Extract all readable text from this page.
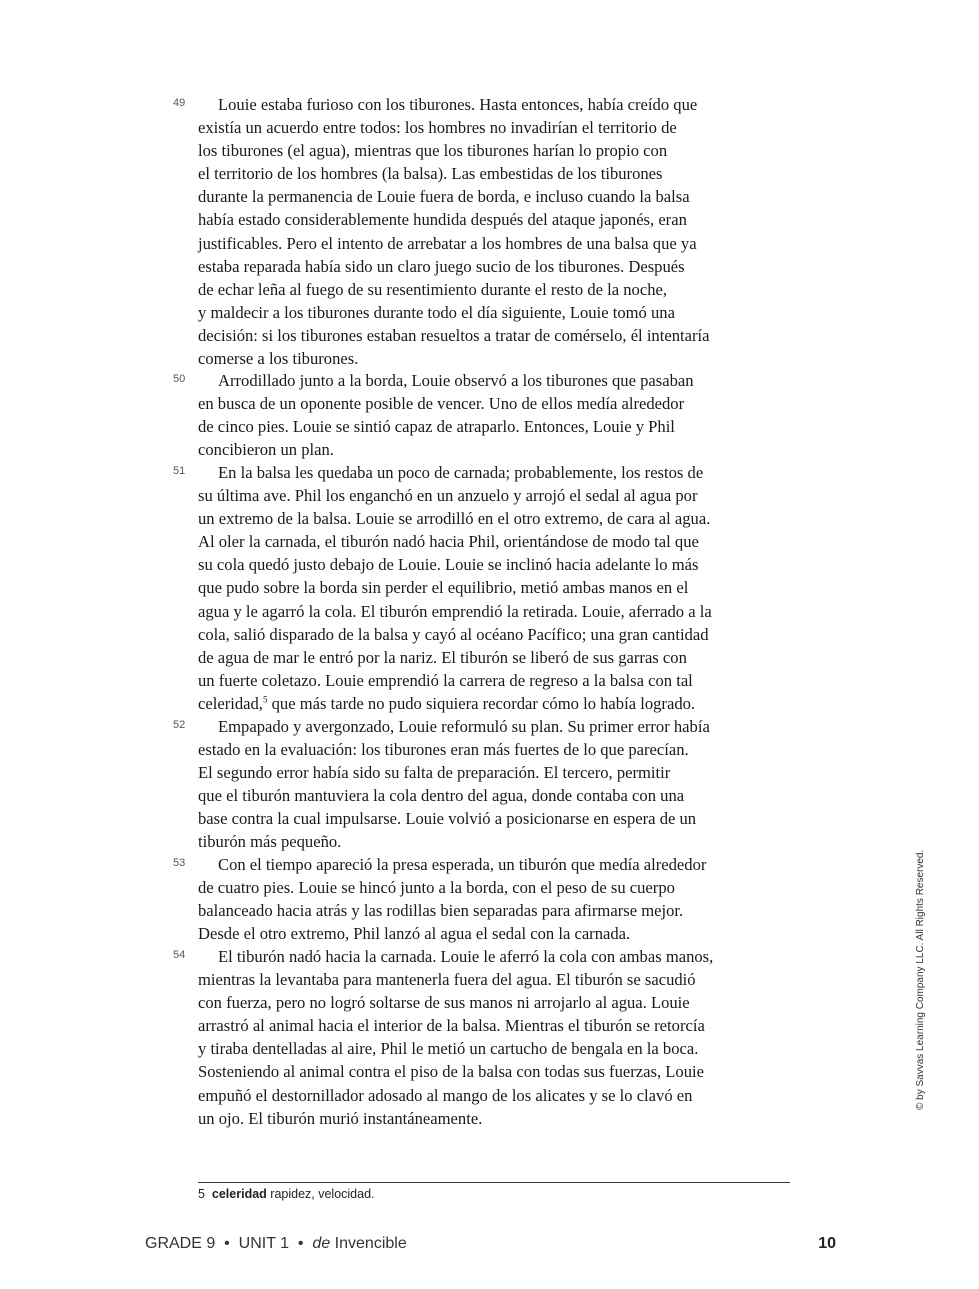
49	Louie estaba furioso con los tiburones. Hasta entonces, había creído que
existía un acuerdo entre todos: los hombres no invadirían el territorio de
los tiburones (el agua), mientras que los tiburones harían lo propio con
el territorio de los hombres (la balsa). Las embestidas de los tiburones
durante la permanencia de Louie fuera de borda, e incluso cuando la balsa
había estado considerablemente hundida después del ataque japonés, eran
justificables. Pero el intento de arrebatar a los hombres de una balsa que ya
estaba reparada había sido un claro juego sucio de los tiburones. Después
de echar leña al fuego de su resentimiento durante el resto de la noche,
y maldecir a los tiburones durante todo el día siguiente, Louie tomó una
decisión: si los tiburones estaban resueltos a tratar de comérselo, él intentaría
comerse a los tiburones.
50	Arrodillado junto a la borda, Louie observó a los tiburones que pasaban
en busca de un oponente posible de vencer. Uno de ellos medía alrededor
de cinco pies. Louie se sintió capaz de atraparlo. Entonces, Louie y Phil
concibieron un plan.
51	En la balsa les quedaba un poco de carnada; probablemente, los restos de
su última ave. Phil los enganchó en un anzuelo y arrojó el sedal al agua por
un extremo de la balsa. Louie se arrodilló en el otro extremo, de cara al agua.
Al oler la carnada, el tiburón nadó hacia Phil, orientándose de modo tal que
su cola quedó justo debajo de Louie. Louie se inclinó hacia adelante lo más
que pudo sobre la borda sin perder el equilibrio, metió ambas manos en el
agua y le agarró la cola. El tiburón emprendió la retirada. Louie, aferrado a la
cola, salió disparado de la balsa y cayó al océano Pacífico; una gran cantidad
de agua de mar le entró por la nariz. El tiburón se liberó de sus garras con
un fuerte coletazo. Louie emprendió la carrera de regreso a la balsa con tal
celeridad,$^5$ que más tarde no pudo siquiera recordar cómo lo había logrado.
52	Empapado y avergonzado, Louie reformuló su plan. Su primer error había
estado en la evaluación: los tiburones eran más fuertes de lo que parecían.
El segundo error había sido su falta de preparación. El tercero, permitir
que el tiburón mantuviera la cola dentro del agua, donde contaba con una
base contra la cual impulsarse. Louie volvió a posicionarse en espera de un
tiburón más pequeño.
53	Con el tiempo apareció la presa esperada, un tiburón que medía alrededor
de cuatro pies. Louie se hincó junto a la borda, con el peso de su cuerpo
balanceado hacia atrás y las rodillas bien separadas para afirmarse mejor.
Desde el otro extremo, Phil lanzó al agua el sedal con la carnada.
54	El tiburón nadó hacia la carnada. Louie le aferró la cola con ambas manos,
mientras la levantaba para mantenerla fuera del agua. El tiburón se sacudió
con fuerza, pero no logró soltarse de sus manos ni arrojarlo al agua. Louie
arrastró al animal hacia el interior de la balsa. Mientras el tiburón se retorcía
y tiraba dentelladas al aire, Phil le metió un cartucho de bengala en la boca.
Sosteniendo al animal contra el piso de la balsa con todas sus fuerzas, Louie
empuñó el destornillador adosado al mango de los alicates y se lo clavó en
un ojo. El tiburón murió instantáneamente.
5 celeridad rapidez, velocidad.
GRADE 9 • UNIT 1 • de Invencible	10
© by Savvas Learning Company LLC. All Rights Reserved.
